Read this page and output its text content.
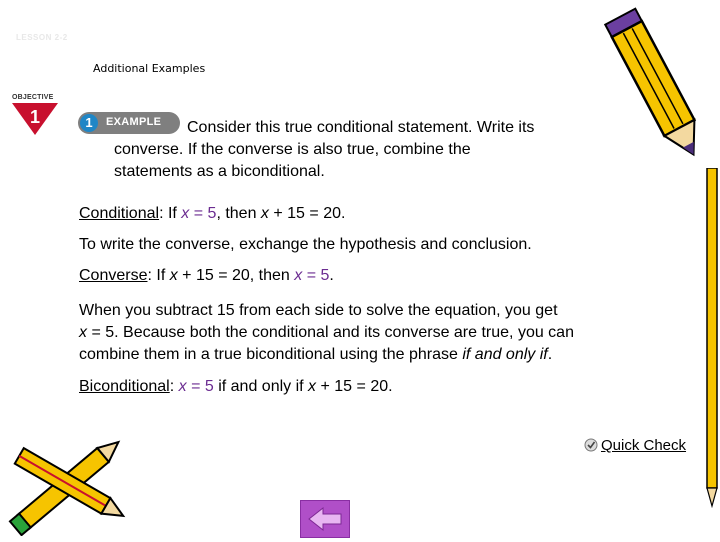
LESSON 2-2
Additional Examples
OBJECTIVE
1	1	EXAMPLE	Consider this true conditional statement. Write its
converse. If the converse is also true, combine the
statements as a biconditional.
Conditional: If x = 5, then x + 15 = 20.
To write the converse, exchange the hypothesis and conclusion.
Converse: If x + 15 = 20, then x = 5.
When you subtract 15 from each side to solve the equation, you get
x = 5. Because both the conditional and its converse are true, you can
combine them in a true biconditional using the phrase if and only if.
Biconditional: x = 5 if and only if x + 15 = 20.
Quick Check
